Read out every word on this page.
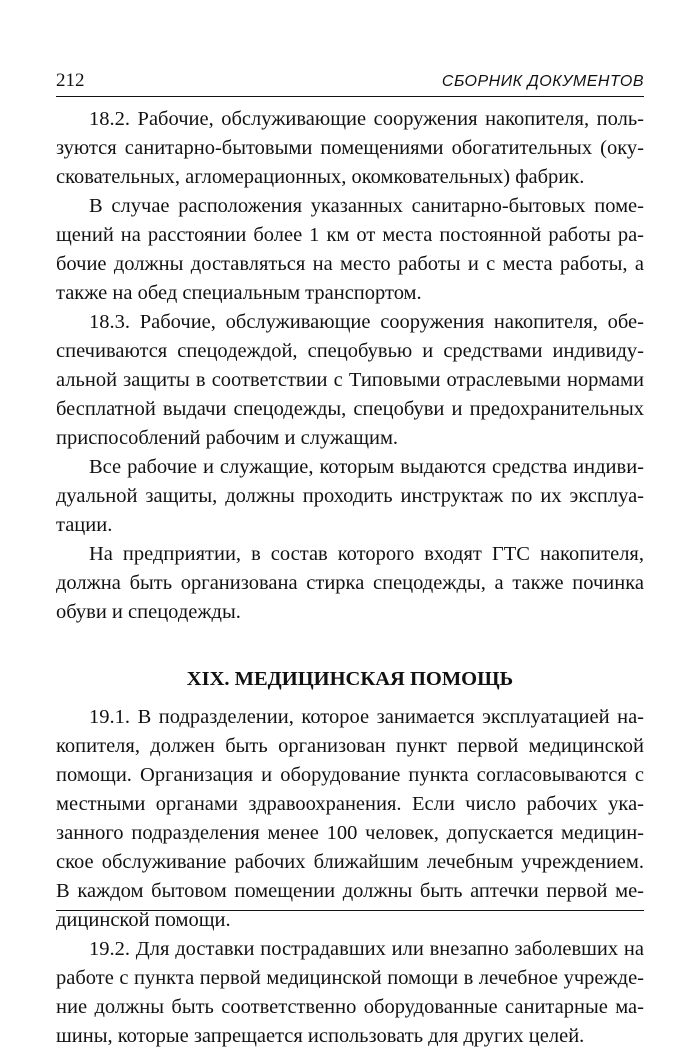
212	СБОРНИК ДОКУМЕНТОВ

18.2. Рабочие, обслуживающие сооружения накопителя, пользуются санитарно-бытовыми помещениями обогатительных (окусковательных, агломерационных, окомковательных) фабрик.

В случае расположения указанных санитарно-бытовых помещений на расстоянии более 1 км от места постоянной работы рабочие должны доставляться на место работы и с места работы, а также на обед специальным транспортом.

18.3. Рабочие, обслуживающие сооружения накопителя, обеспечиваются спецодеждой, спецобувью и средствами индивидуальной защиты в соответствии с Типовыми отраслевыми нормами бесплатной выдачи спецодежды, спецобуви и предохранительных приспособлений рабочим и служащим.

Все рабочие и служащие, которым выдаются средства индивидуальной защиты, должны проходить инструктаж по их эксплуатации.

На предприятии, в состав которого входят ГТС накопителя, должна быть организована стирка спецодежды, а также починка обуви и спецодежды.

XIX. МЕДИЦИНСКАЯ ПОМОЩЬ

19.1. В подразделении, которое занимается эксплуатацией накопителя, должен быть организован пункт первой медицинской помощи. Организация и оборудование пункта согласовываются с местными органами здравоохранения. Если число рабочих указанного подразделения менее 100 человек, допускается медицинское обслуживание рабочих ближайшим лечебным учреждением. В каждом бытовом помещении должны быть аптечки первой медицинской помощи.

19.2. Для доставки пострадавших или внезапно заболевших на работе с пункта первой медицинской помощи в лечебное учреждение должны быть соответственно оборудованные санитарные машины, которые запрещается использовать для других целей.
